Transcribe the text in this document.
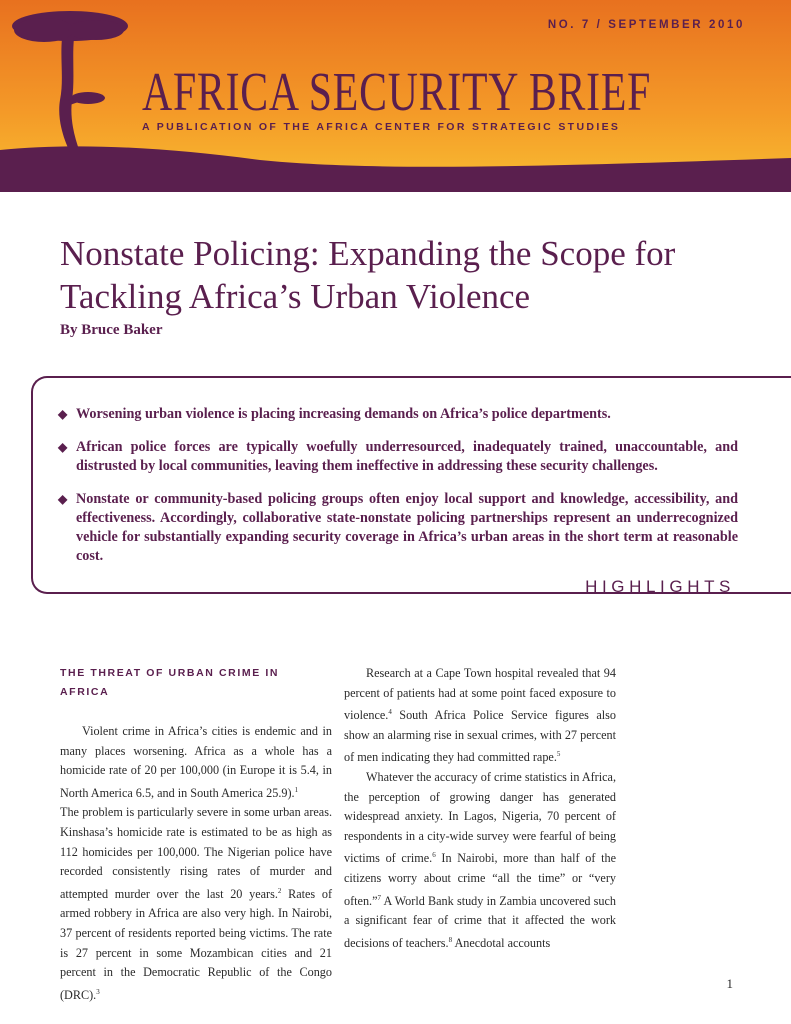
NO. 7 / SEPTEMBER 2010
AFRICA SECURITY BRIEF
A PUBLICATION OF THE AFRICA CENTER FOR STRATEGIC STUDIES
Nonstate Policing: Expanding the Scope for Tackling Africa’s Urban Violence
By Bruce Baker
◆ Worsening urban violence is placing increasing demands on Africa’s police departments.
◆ African police forces are typically woefully underresourced, inadequately trained, unaccountable, and distrusted by local communities, leaving them ineffective in addressing these security challenges.
◆ Nonstate or community-based policing groups often enjoy local support and knowledge, accessibility, and effectiveness. Accordingly, collaborative state-nonstate policing partnerships represent an underrecognized vehicle for substantially expanding security coverage in Africa’s urban areas in the short term at reasonable cost.
HIGHLIGHTS
THE THREAT OF URBAN CRIME IN AFRICA

Violent crime in Africa’s cities is endemic and in many places worsening. Africa as a whole has a homicide rate of 20 per 100,000 (in Europe it is 5.4, in North America 6.5, and in South America 25.9).$^1$

The problem is particularly severe in some urban areas. Kinshasa’s homicide rate is estimated to be as high as 112 homicides per 100,000. The Nigerian police have recorded consistently rising rates of murder and attempted murder over the last 20 years.$^2$ Rates of armed robbery in Africa are also very high. In Nairobi, 37 percent of residents reported being victims. The rate is 27 percent in some Mozambican cities and 21 percent in the Democratic Republic of the Congo (DRC).$^3$

Research at a Cape Town hospital revealed that 94 percent of patients had at some point faced exposure to violence.$^4$ South Africa Police Service figures also show an alarming rise in sexual crimes, with 27 percent of men indicating they had committed rape.$^5$

Whatever the accuracy of crime statistics in Africa, the perception of growing danger has generated widespread anxiety. In Lagos, Nigeria, 70 percent of respondents in a city-wide survey were fearful of being victims of crime.$^6$ In Nairobi, more than half of the citizens worry about crime “all the time” or “very often.”$^7$ A World Bank study in Zambia uncovered such a significant fear of crime that it affected the work decisions of teachers.$^8$ Anecdotal accounts

1
